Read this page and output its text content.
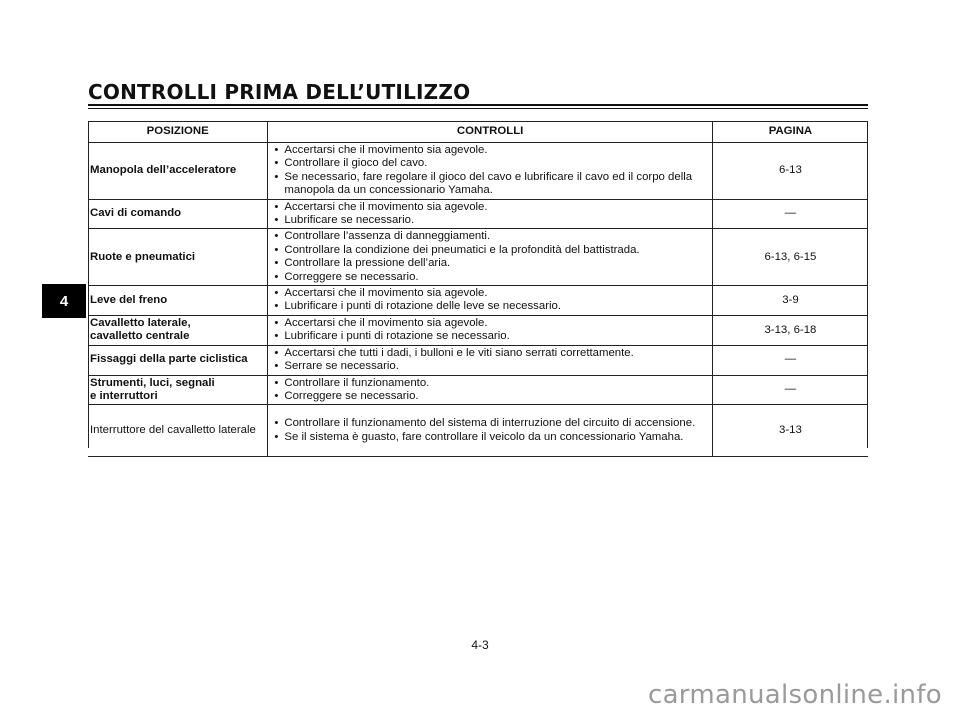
CONTROLLI PRIMA DELL’UTILIZZO
4
POSIZIONE	CONTROLLI	PAGINA
Manopola dell’acceleratore	• Accertarsi che il movimento sia agevole.
• Controllare il gioco del cavo.
• Se necessario, fare regolare il gioco del cavo e lubrificare il cavo ed il corpo della manopola da un concessionario Yamaha.	6-13
Cavi di comando	• Accertarsi che il movimento sia agevole.
• Lubrificare se necessario.	—
Ruote e pneumatici	• Controllare l’assenza di danneggiamenti.
• Controllare la condizione dei pneumatici e la profondità del battistrada.
• Controllare la pressione dell’aria.
• Correggere se necessario.	6-13, 6-15
Leve del freno	• Accertarsi che il movimento sia agevole.
• Lubrificare i punti di rotazione delle leve se necessario.	3-9
Cavalletto laterale,
cavalletto centrale	• Accertarsi che il movimento sia agevole.
• Lubrificare i punti di rotazione se necessario.	3-13, 6-18
Fissaggi della parte ciclistica	• Accertarsi che tutti i dadi, i bulloni e le viti siano serrati correttamente.
• Serrare se necessario.	—
Strumenti, luci, segnali
e interruttori	• Controllare il funzionamento.
• Correggere se necessario.	—
Interruttore del cavalletto laterale	• Controllare il funzionamento del sistema di interruzione del circuito di accensione.
• Se il sistema è guasto, fare controllare il veicolo da un concessionario Yamaha.	3-13
4-3
carmanualsonline.info
